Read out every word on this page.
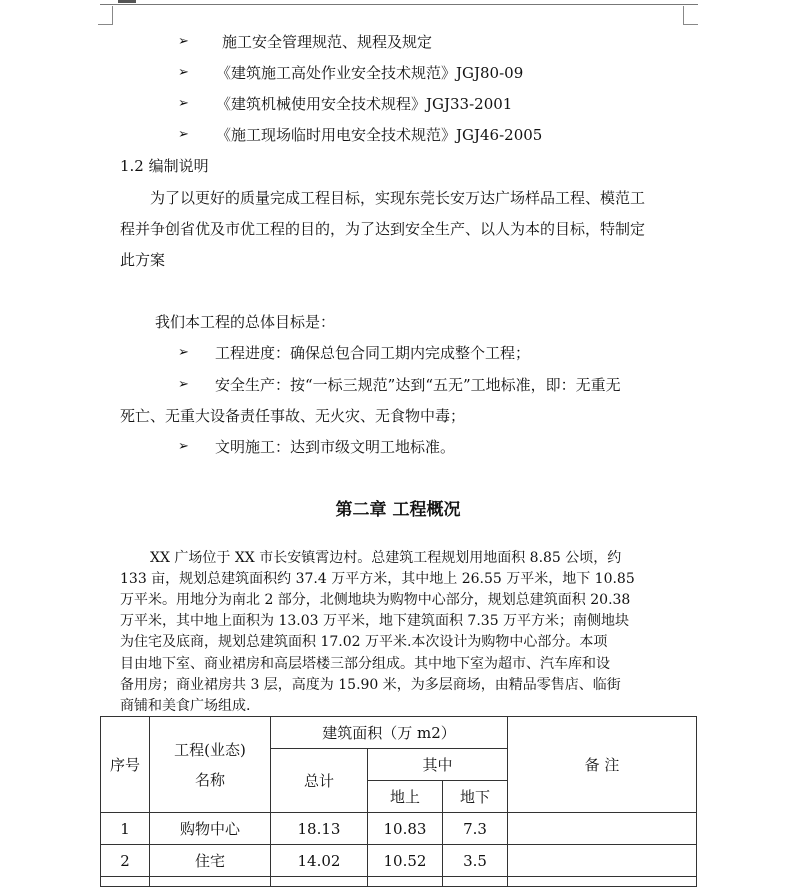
➢ 施工安全管理规范、规程及规定
➢ 《建筑施工高处作业安全技术规范》JGJ80-09
➢ 《建筑机械使用安全技术规程》JGJ33-2001
➢ 《施工现场临时用电安全技术规范》JGJ46-2005
1.2 编制说明
为了以更好的质量完成工程目标，实现东莞长安万达广场样品工程、模范工
程并争创省优及市优工程的目的，为了达到安全生产、以人为本的目标，特制定
此方案
我们本工程的总体目标是：
➢ 工程进度：确保总包合同工期内完成整个工程；
➢ 安全生产：按“一标三规范”达到“五无”工地标准，即：无重无
死亡、无重大设备责任事故、无火灾、无食物中毒；
➢ 文明施工：达到市级文明工地标准。
第二章 工程概况
XX 广场位于 XX 市长安镇霄边村。总建筑工程规划用地面积 8.85 公顷，约
133 亩，规划总建筑面积约 37.4 万平方米，其中地上 26.55 万平米，地下 10.85
万平米。用地分为南北 2 部分，北侧地块为购物中心部分，规划总建筑面积 20.38
万平米，其中地上面积为 13.03 万平米，地下建筑面积 7.35 万平方米；南侧地块
为住宅及底商，规划总建筑面积 17.02 万平米.本次设计为购物中心部分。本项
目由地下室、商业裙房和高层塔楼三部分组成。其中地下室为超市、汽车库和设
备用房；商业裙房共 3 层，高度为 15.90 米，为多层商场，由精品零售店、临街
商铺和美食广场组成.
序号	工程(业态)
名称	建筑面积（万 m2）			备 注
		总计	其中		
			地上	地下	
1	购物中心	18.13	10.83	7.3	
2	住宅	14.02	10.52	3.5	
